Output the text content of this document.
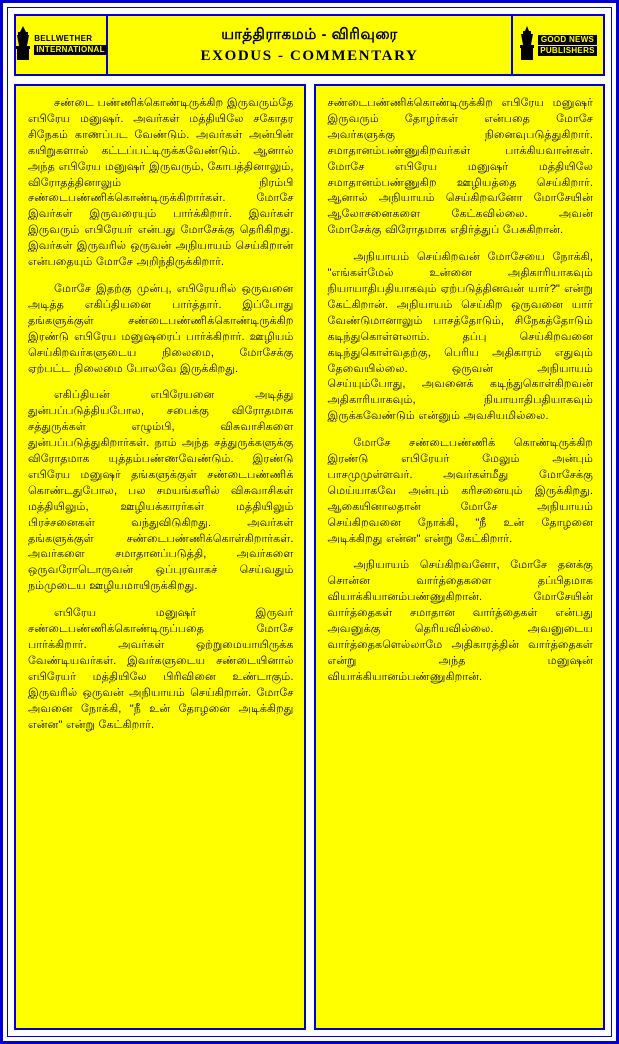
BELLWETHER
INTERNATIONAL
யாத்திராகமம் - விரிவுரை
EXODUS - COMMENTARY
GOOD NEWS
PUBLISHERS

சண்டை பண்ணிக்கொண்டிருக்கிற இருவரும்தே எபிரேய மனுஷர். அவர்கள் மத்தியிலே சகோதர சிநேகம் காணப்பட வேண்டும். அவர்கள் அன்பின் கயிறுகளால் கட்டப்பட்டிருக்கவேண்டும். ஆனால் அந்த எபிரேய மனுஷர் இருவரும், கோபத்தினாலும், விரோதத்தினாலும் நிரம்பி சண்டைபண்ணிக்கொண்டிருக்கிறார்கள். மோசே இவர்கள் இருவரையும் பார்க்கிறார். இவர்கள் இருவரும் எபிரேயர் என்பது மோசேக்கு தெரிகிறது. இவர்கள் இருவரில் ஒருவன் அநியாயம் செய்கிறான் என்பதையும் மோசே அறிந்திருக்கிறார்.

மோசே இதற்கு முன்பு, எபிரேயரில் ஒருவனை அடித்த எகிப்தியனை பார்த்தார். இப்போது தங்களுக்குள் சண்டைபண்ணிக்கொண்டிருக்கிற இரண்டு எபிரேய மனுஷரைப் பார்க்கிறார். ஊழியம் செய்கிறவர்களுடைய நிலைமை, மோசேக்கு ஏற்பட்ட நிலைமை போலவே இருக்கிறது.

எகிப்தியன் எபிரேயனை அடித்து துன்பப்படுத்தியபோல, சபைக்கு விரோதமாக சத்துருக்கள் எழும்பி, விசுவாசிகளை துன்பப்படுத்துகிறார்கள். நாம் அந்த சத்துருக்களுக்கு விரோதமாக யுத்தம்பண்ணவேண்டும். இரண்டு எபிரேய மனுஷர் தங்களுக்குள் சண்டைபண்ணிக் கொண்டதுபோல, பல சமயங்களில் விசுவாசிகள் மத்தியிலும், ஊழியக்காரர்கள் மத்தியிலும் பிரச்சனைகள் வந்துவிடுகிறது. அவர்கள் தங்களுக்குள் சண்டைபண்ணிக்கொள்கிறார்கள். அவர்களை சமாதானப்படுத்தி, அவர்களை ஒருவரோடொருவன் ஒப்புரவாகச் செய்வதும் நம்முடைய ஊழியமாயிருக்கிறது.

எபிரேய மனுஷர் இருவர் சண்டைபண்ணிக்கொண்டிருப்பதை மோசே பார்க்கிறார். அவர்கள் ஒற்றுமையாயிருக்க வேண்டியவர்கள். இவர்களுடைய சண்டையினால் எபிரேயர் மத்தியிலே பிரிவினை உண்டாகும். இருவரில் ஒருவன் அநியாயம் செய்கிறான். மோசே அவனை நோக்கி, "நீ உன் தோழனை அடிக்கிறது என்ன" என்று கேட்கிறார்.

சண்டைபண்ணிக்கொண்டிருக்கிற எபிரேய மனுஷர் இருவரும் தோழர்கள் என்பதை மோசே அவர்களுக்கு நினைவுபடுத்துகிறார். சமாதானம்பண்ணுகிறவர்கள் பாக்கியவான்கள். மோசே எபிரேய மனுஷர் மத்தியிலே சமாதானம்பண்ணுகிற ஊழியத்தை செய்கிறார். ஆனால் அநியாயம் செய்கிறவனோ மோசேயின் ஆலோசனைகளை கேட்கவில்லை. அவன் மோசேக்கு விரோதமாக எதிர்த்துப் பேசுகிறான்.

அநியாயம் செய்கிறவன் மோசேயை நோக்கி, "எங்கள்மேல் உன்னை அதிகாரியாகவும் நியாயாதிபதியாகவும் ஏற்படுத்தினவன் யார்?" என்று கேட்கிறான். அநியாயம் செய்கிற ஒருவனை யார் வேண்டுமானாலும் பாசத்தோடும், சிநேகத்தோடும் கடிந்துகொள்ளலாம். தப்பு செய்கிறவனை கடிந்துகொள்வதற்கு, பெரிய அதிகாரம் எதுவும் தேவையில்லை. ஒருவன் அநியாயம் செய்யும்போது, அவனைக் கடிந்துகொள்கிறவன் அதிகாரியாகவும், நியாயாதிபதியாகவும் இருக்கவேண்டும் என்னும் அவசியமில்லை.

மோசே சண்டைபண்ணிக் கொண்டிருக்கிற இரண்டு எபிரேயர் மேலும் அன்பும் பாசமுமுள்ளவர். அவர்கள்மீது மோசேக்கு மெய்யாகவே அன்பும் கரிசனையும் இருக்கிறது. ஆகையினாலதான் மோசே அநியாயம் செய்கிறவனை நோக்கி, "நீ உன் தோழனை அடிக்கிறது என்ன" என்று கேட்கிறார்.

அநியாயம் செய்கிறவனோ, மோசே தனக்கு சொன்ன வார்த்தைகளை தப்பிதமாக வியாக்கியானம்பண்ணுகிறான். மோசேயின் வார்த்தைகள் சமாதான வார்த்தைகள் என்பது அவனுக்கு தெரியவில்லை. அவனுடைய வார்த்தைகளெல்லாமே அதிகாரத்தின் வார்த்தைகள் என்று அந்த மனுஷன் வியாக்கியானம்பண்ணுகிறான்.
